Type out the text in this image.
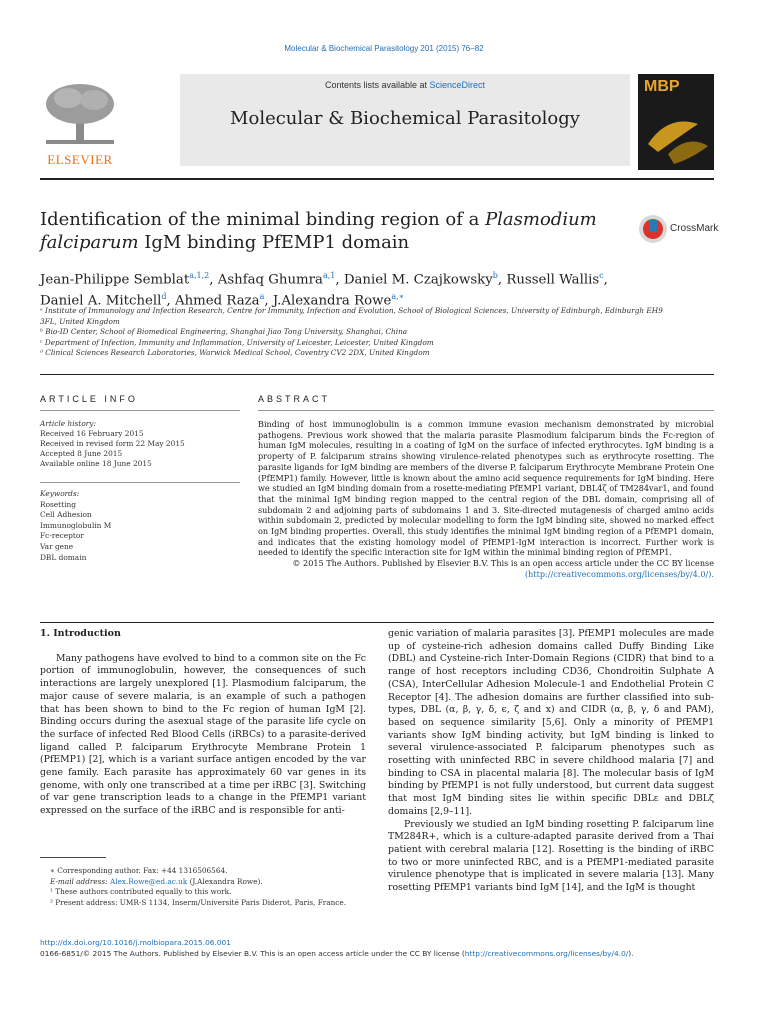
Molecular & Biochemical Parasitology 201 (2015) 76–82
ELSEVIER
Contents lists available at ScienceDirect
Molecular & Biochemical Parasitology
MBP
Identification of the minimal binding region of a Plasmodium falciparum IgM binding PfEMP1 domain
CrossMark
Jean-Philippe Semblat$^{a,1,2}$, Ashfaq Ghumra$^{a,1}$, Daniel M. Czajkowsky$^b$, Russell Wallis$^c$,
Daniel A. Mitchell$^d$, Ahmed Raza$^a$, J.Alexandra Rowe$^{a,∗}$
ᵃ Institute of Immunology and Infection Research, Centre for Immunity, Infection and Evolution, School of Biological Sciences, University of Edinburgh, Edinburgh EH9 3FL, United Kingdom
ᵇ Bio-ID Center, School of Biomedical Engineering, Shanghai Jiao Tong University, Shanghai, China
ᶜ Department of Infection, Immunity and Inflammation, University of Leicester, Leicester, United Kingdom
ᵈ Clinical Sciences Research Laboratories, Warwick Medical School, Coventry CV2 2DX, United Kingdom
ARTICLE INFO	ABSTRACT
Article history:
Received 16 February 2015
Received in revised form 22 May 2015
Accepted 8 June 2015
Available online 18 June 2015
Keywords:
Rosetting
Cell Adhesion
Immunoglobulin M
Fc-receptor
Var gene
DBL domain

Binding of host immunoglobulin is a common immune evasion mechanism demonstrated by microbial pathogens. Previous work showed that the malaria parasite Plasmodium falciparum binds the Fc-region of human IgM molecules, resulting in a coating of IgM on the surface of infected erythrocytes. IgM binding is a property of P. falciparum strains showing virulence-related phenotypes such as erythrocyte rosetting. The parasite ligands for IgM binding are members of the diverse P. falciparum Erythrocyte Membrane Protein One (PfEMP1) family. However, little is known about the amino acid sequence requirements for IgM binding. Here we studied an IgM binding domain from a rosette-mediating PfEMP1 variant, DBL4ζ of TM284var1, and found that the minimal IgM binding region mapped to the central region of the DBL domain, comprising all of subdomain 2 and adjoining parts of subdomains 1 and 3. Site-directed mutagenesis of charged amino acids within subdomain 2, predicted by molecular modelling to form the IgM binding site, showed no marked effect on IgM binding properties. Overall, this study identifies the minimal IgM binding region of a PfEMP1 domain, and indicates that the existing homology model of PfEMP1-IgM interaction is incorrect. Further work is needed to identify the specific interaction site for IgM within the minimal binding region of PfEMP1.

© 2015 The Authors. Published by Elsevier B.V. This is an open access article under the CC BY license

(http://creativecommons.org/licenses/by/4.0/).

1. Introduction

Many pathogens have evolved to bind to a common site on the Fc portion of immunoglobulin, however, the consequences of such interactions are largely unexplored [1]. Plasmodium falciparum, the major cause of severe malaria, is an example of such a pathogen that has been shown to bind to the Fc region of human IgM [2]. Binding occurs during the asexual stage of the parasite life cycle on the surface of infected Red Blood Cells (iRBCs) to a parasite-derived ligand called P. falciparum Erythrocyte Membrane Protein 1 (PfEMP1) [2], which is a variant surface antigen encoded by the var gene family. Each parasite has approximately 60 var genes in its genome, with only one transcribed at a time per iRBC [3]. Switching of var gene transcription leads to a change in the PfEMP1 variant expressed on the surface of the iRBC and is responsible for anti-

genic variation of malaria parasites [3]. PfEMP1 molecules are made up of cysteine-rich adhesion domains called Duffy Binding Like (DBL) and Cysteine-rich Inter-Domain Regions (CIDR) that bind to a range of host receptors including CD36, Chondroitin Sulphate A (CSA), InterCellular Adhesion Molecule-1 and Endothelial Protein C Receptor [4]. The adhesion domains are further classified into sub-types, DBL (α, β, γ, δ, ϵ, ζ and x) and CIDR (α, β, γ, δ and PAM), based on sequence similarity [5,6]. Only a minority of PfEMP1 variants show IgM binding activity, but IgM binding is linked to several virulence-associated P. falciparum phenotypes such as rosetting with uninfected RBC in severe childhood malaria [7] and binding to CSA in placental malaria [8]. The molecular basis of IgM binding by PfEMP1 is not fully understood, but current data suggest that most IgM binding sites lie within specific DBLε and DBLζ domains [2,9–11].

Previously we studied an IgM binding rosetting P. falciparum line TM284R+, which is a culture-adapted parasite derived from a Thai patient with cerebral malaria [12]. Rosetting is the binding of iRBC to two or more uninfected RBC, and is a PfEMP1-mediated parasite virulence phenotype that is implicated in severe malaria [13]. Many rosetting PfEMP1 variants bind IgM [14], and the IgM is thought

∗ Corresponding author. Fax: +44 1316506564.
E-mail address: Alex.Rowe@ed.ac.uk (J.Alexandra Rowe).
¹ These authors contributed equally to this work.
² Present address: UMR-S 1134, Inserm/Université Paris Diderot, Paris, France.
http://dx.doi.org/10.1016/j.molbiopara.2015.06.001
0166-6851/© 2015 The Authors. Published by Elsevier B.V. This is an open access article under the CC BY license (http://creativecommons.org/licenses/by/4.0/).
